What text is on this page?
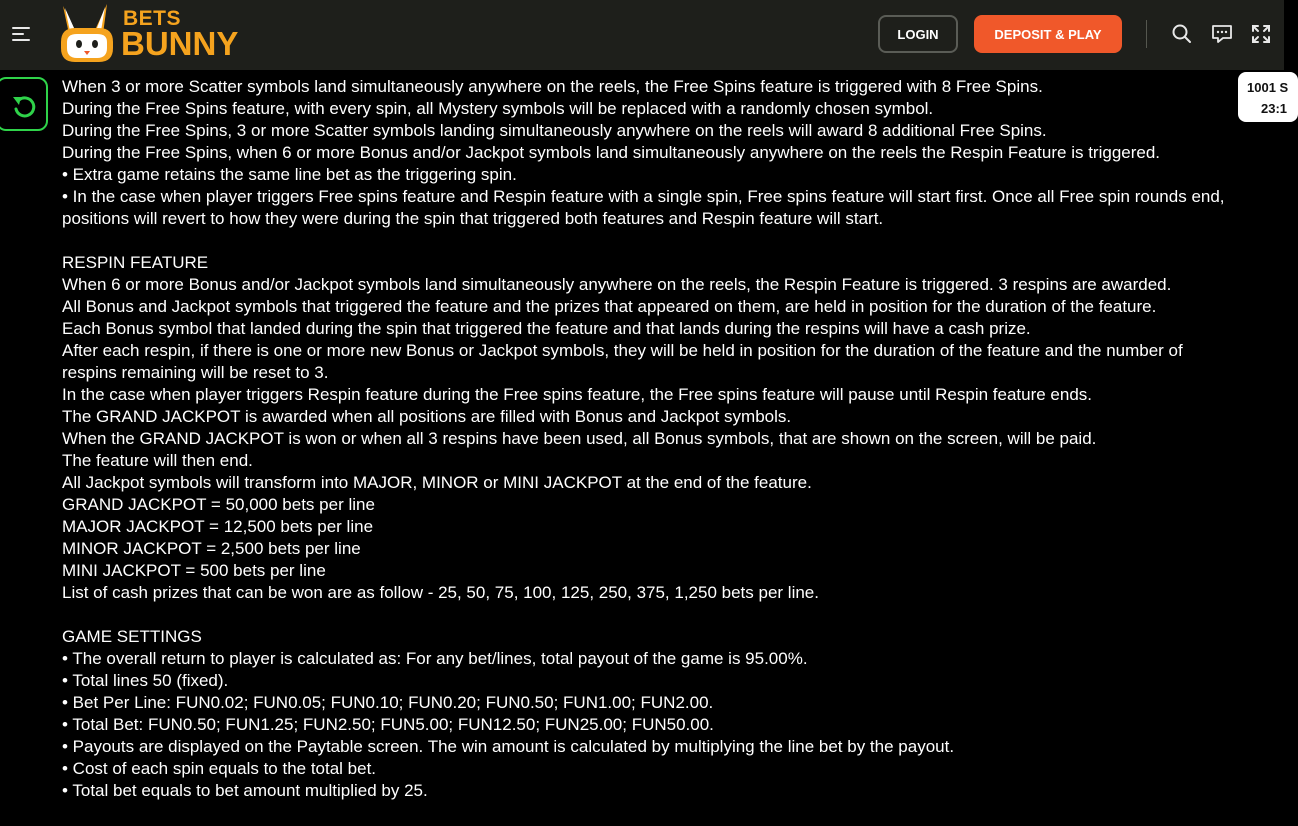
BETS
BUNNY	LOGIN	DEPOSIT & PLAY
1001 S
23:1
When 3 or more Scatter symbols land simultaneously anywhere on the reels, the Free Spins feature is triggered with 8 Free Spins.
During the Free Spins feature, with every spin, all Mystery symbols will be replaced with a randomly chosen symbol.
During the Free Spins, 3 or more Scatter symbols landing simultaneously anywhere on the reels will award 8 additional Free Spins.
During the Free Spins, when 6 or more Bonus and/or Jackpot symbols land simultaneously anywhere on the reels the Respin Feature is triggered.
• Extra game retains the same line bet as the triggering spin.
• In the case when player triggers Free spins feature and Respin feature with a single spin, Free spins feature will start first. Once all Free spin rounds end,
positions will revert to how they were during the spin that triggered both features and Respin feature will start.
RESPIN FEATURE
When 6 or more Bonus and/or Jackpot symbols land simultaneously anywhere on the reels, the Respin Feature is triggered. 3 respins are awarded.
All Bonus and Jackpot symbols that triggered the feature and the prizes that appeared on them, are held in position for the duration of the feature.
Each Bonus symbol that landed during the spin that triggered the feature and that lands during the respins will have a cash prize.
After each respin, if there is one or more new Bonus or Jackpot symbols, they will be held in position for the duration of the feature and the number of
respins remaining will be reset to 3.
In the case when player triggers Respin feature during the Free spins feature, the Free spins feature will pause until Respin feature ends.
The GRAND JACKPOT is awarded when all positions are filled with Bonus and Jackpot symbols.
When the GRAND JACKPOT is won or when all 3 respins have been used, all Bonus symbols, that are shown on the screen, will be paid.
The feature will then end.
All Jackpot symbols will transform into MAJOR, MINOR or MINI JACKPOT at the end of the feature.
GRAND JACKPOT = 50,000 bets per line
MAJOR JACKPOT = 12,500 bets per line
MINOR JACKPOT = 2,500 bets per line
MINI JACKPOT = 500 bets per line
List of cash prizes that can be won are as follow - 25, 50, 75, 100, 125, 250, 375, 1,250 bets per line.
GAME SETTINGS
• The overall return to player is calculated as: For any bet/lines, total payout of the game is 95.00%.
• Total lines 50 (fixed).
• Bet Per Line: FUN0.02; FUN0.05; FUN0.10; FUN0.20; FUN0.50; FUN1.00; FUN2.00.
• Total Bet: FUN0.50; FUN1.25; FUN2.50; FUN5.00; FUN12.50; FUN25.00; FUN50.00.
• Payouts are displayed on the Paytable screen. The win amount is calculated by multiplying the line bet by the payout.
• Cost of each spin equals to the total bet.
• Total bet equals to bet amount multiplied by 25.
